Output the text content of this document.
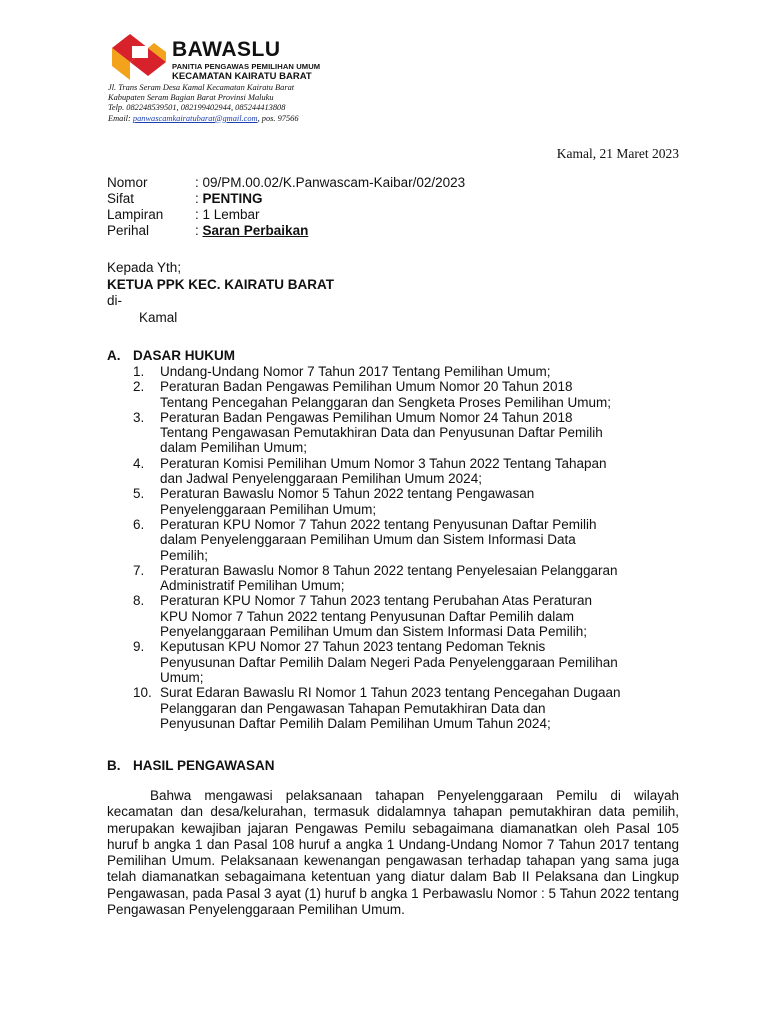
BAWASLU
PANITIA PENGAWAS PEMILIHAN UMUM
KECAMATAN KAIRATU BARAT
Jl. Trans Seram Desa Kamal Kecamatan Kairatu Barat
Kabupaten Seram Bagian Barat Provinsi Maluku
Telp. 082248539501, 082199402944, 085244413808
Email: panwascamkairatubarat@gmail.com, pos. 97566
Kamal, 21 Maret 2023
Nomor	: 09/PM.00.02/K.Panwascam-Kaibar/02/2023
Sifat	: PENTING
Lampiran	: 1 Lembar
Perihal	: Saran Perbaikan
Kepada Yth;
KETUA PPK KEC. KAIRATU BARAT
di-
Kamal
A. DASAR HUKUM
1.	Undang-Undang Nomor 7 Tahun 2017 Tentang Pemilihan Umum;
2.	Peraturan Badan Pengawas Pemilihan Umum Nomor 20 Tahun 2018
Tentang Pencegahan Pelanggaran dan Sengketa Proses Pemilihan Umum;
3.	Peraturan Badan Pengawas Pemilihan Umum Nomor 24 Tahun 2018
Tentang Pengawasan Pemutakhiran Data dan Penyusunan Daftar Pemilih
dalam Pemilihan Umum;
4.	Peraturan Komisi Pemilihan Umum Nomor 3 Tahun 2022 Tentang Tahapan
dan Jadwal Penyelenggaraan Pemilihan Umum 2024;
5.	Peraturan Bawaslu Nomor 5 Tahun 2022 tentang Pengawasan
Penyelenggaraan Pemilihan Umum;
6.	Peraturan KPU Nomor 7 Tahun 2022 tentang Penyusunan Daftar Pemilih
dalam Penyelenggaraan Pemilihan Umum dan Sistem Informasi Data
Pemilih;
7.	Peraturan Bawaslu Nomor 8 Tahun 2022 tentang Penyelesaian Pelanggaran
Administratif Pemilihan Umum;
8.	Peraturan KPU Nomor 7 Tahun 2023 tentang Perubahan Atas Peraturan
KPU Nomor 7 Tahun 2022 tentang Penyusunan Daftar Pemilih dalam
Penyelanggaraan Pemilihan Umum dan Sistem Informasi Data Pemilih;
9.	Keputusan KPU Nomor 27 Tahun 2023 tentang Pedoman Teknis
Penyusunan Daftar Pemilih Dalam Negeri Pada Penyelenggaraan Pemilihan
Umum;
10. Surat Edaran Bawaslu RI Nomor 1 Tahun 2023 tentang Pencegahan Dugaan
Pelanggaran dan Pengawasan Tahapan Pemutakhiran Data dan
Penyusunan Daftar Pemilih Dalam Pemilihan Umum Tahun 2024;
B. HASIL PENGAWASAN

Bahwa mengawasi pelaksanaan tahapan Penyelenggaraan Pemilu di wilayah kecamatan dan desa/kelurahan, termasuk didalamnya tahapan pemutakhiran data pemilih, merupakan kewajiban jajaran Pengawas Pemilu sebagaimana diamanatkan oleh Pasal 105 huruf b angka 1 dan Pasal 108 huruf a angka 1 Undang-Undang Nomor 7 Tahun 2017 tentang Pemilihan Umum. Pelaksanaan kewenangan pengawasan terhadap tahapan yang sama juga telah diamanatkan sebagaimana ketentuan yang diatur dalam Bab II Pelaksana dan Lingkup Pengawasan, pada Pasal 3 ayat (1) huruf b angka 1 Perbawaslu Nomor : 5 Tahun 2022 tentang Pengawasan Penyelenggaraan Pemilihan Umum.
